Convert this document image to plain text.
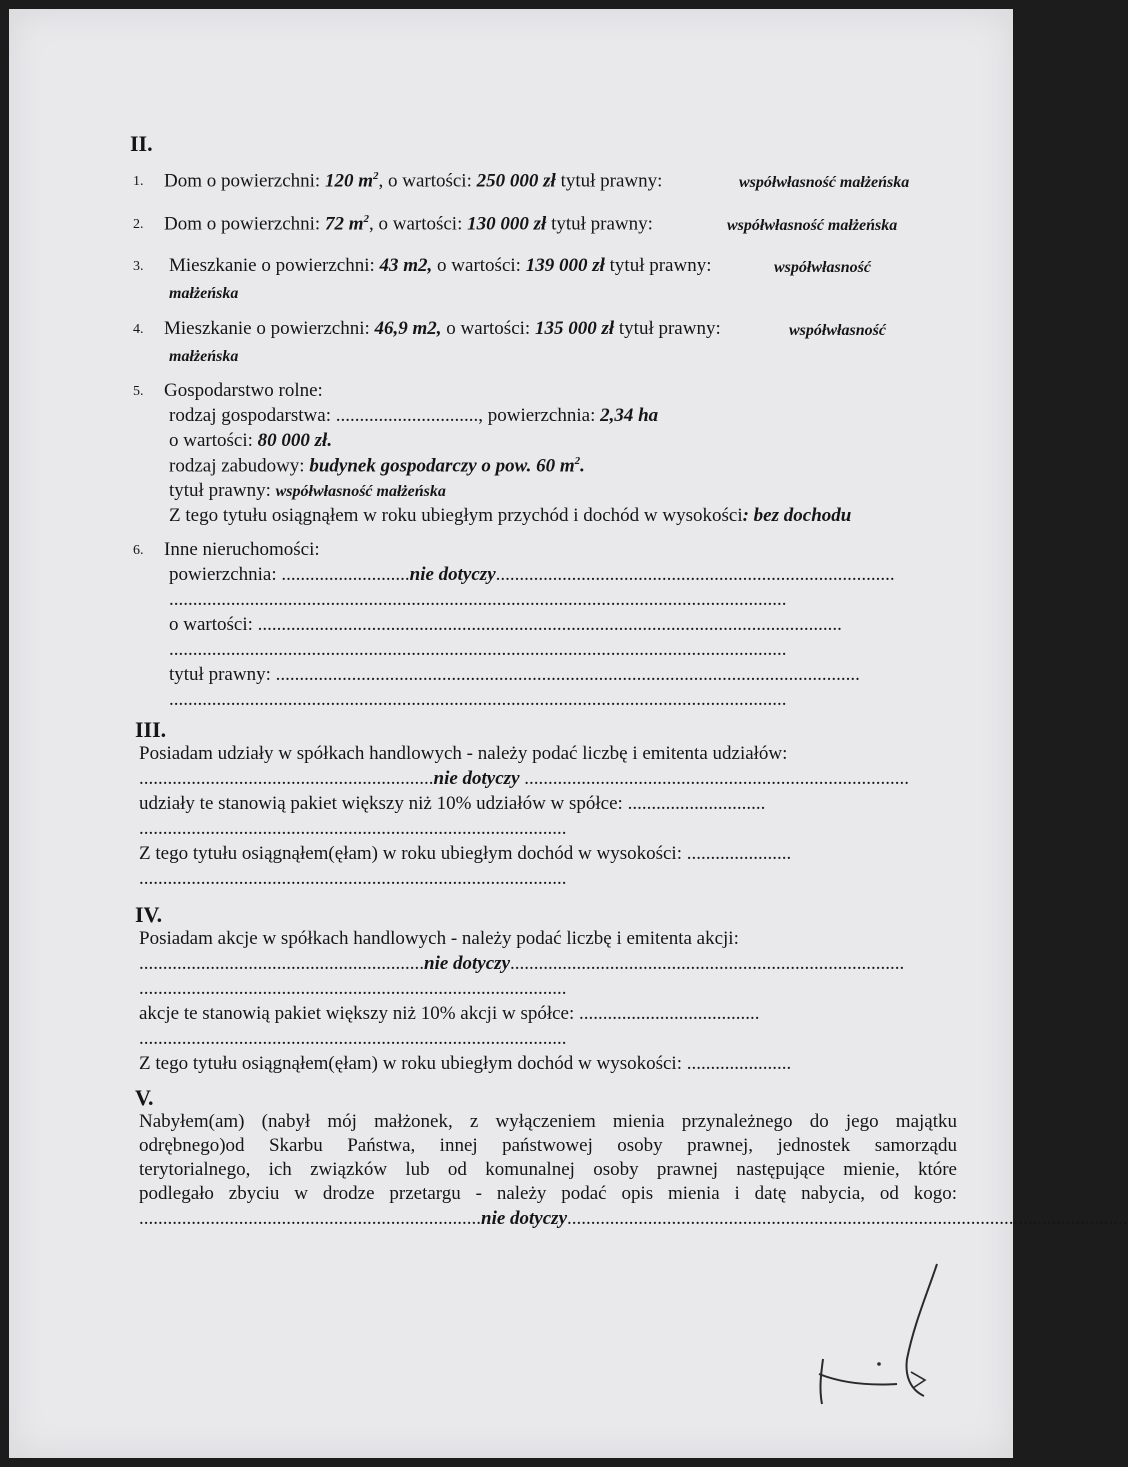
II.
1. Dom o powierzchni: 120 $m^2$, o wartości: 250 000 zł tytuł prawny:	współwłasność małżeńska
2. Dom o powierzchni: 72 $m^2$, o wartości: 130 000 zł tytuł prawny:	współwłasność małżeńska
3. Mieszkanie o powierzchni: 43 m2, o wartości: 139 000 zł tytuł prawny:	współwłasność
małżeńska
4. Mieszkanie o powierzchni: 46,9 m2, o wartości: 135 000 zł tytuł prawny:	współwłasność
małżeńska
5. Gospodarstwo rolne:
rodzaj gospodarstwa: .............................., powierzchnia: 2,34 ha
o wartości: 80 000 zł.
rodzaj zabudowy: budynek gospodarczy o pow. 60 $m^2$.
tytuł prawny: współwłasność małżeńska
Z tego tytułu osiągnąłem w roku ubiegłym przychód i dochód w wysokości: bez dochodu
6. Inne nieruchomości:
powierzchnia: ...........................nie dotyczy....................................................................................
..................................................................................................................................
o wartości: ...........................................................................................................................
..................................................................................................................................
tytuł prawny: ...........................................................................................................................
..................................................................................................................................
III.
Posiadam udziały w spółkach handlowych - należy podać liczbę i emitenta udziałów:
..............................................................nie dotyczy .................................................................................
udziały te stanowią pakiet większy niż 10% udziałów w spółce: .............................
..........................................................................................
Z tego tytułu osiągnąłem(ęłam) w roku ubiegłym dochód w wysokości: ......................
..........................................................................................
IV.
Posiadam akcje w spółkach handlowych - należy podać liczbę i emitenta akcji:
............................................................nie dotyczy...................................................................................
..........................................................................................
akcje te stanowią pakiet większy niż 10% akcji w spółce: ......................................
..........................................................................................
Z tego tytułu osiągnąłem(ęłam) w roku ubiegłym dochód w wysokości: ......................
V.
Nabyłem(am) (nabył mój małżonek, z wyłączeniem mienia przynależnego do jego majątku
odrębnego)od Skarbu Państwa, innej państwowej osoby prawnej, jednostek samorządu
terytorialnego, ich związków lub od komunalnej osoby prawnej następujące mienie, które
podlegało zbyciu w drodze przetargu - należy podać opis mienia i datę nabycia, od kogo:
........................................................................nie dotyczy......................................................................................................................
